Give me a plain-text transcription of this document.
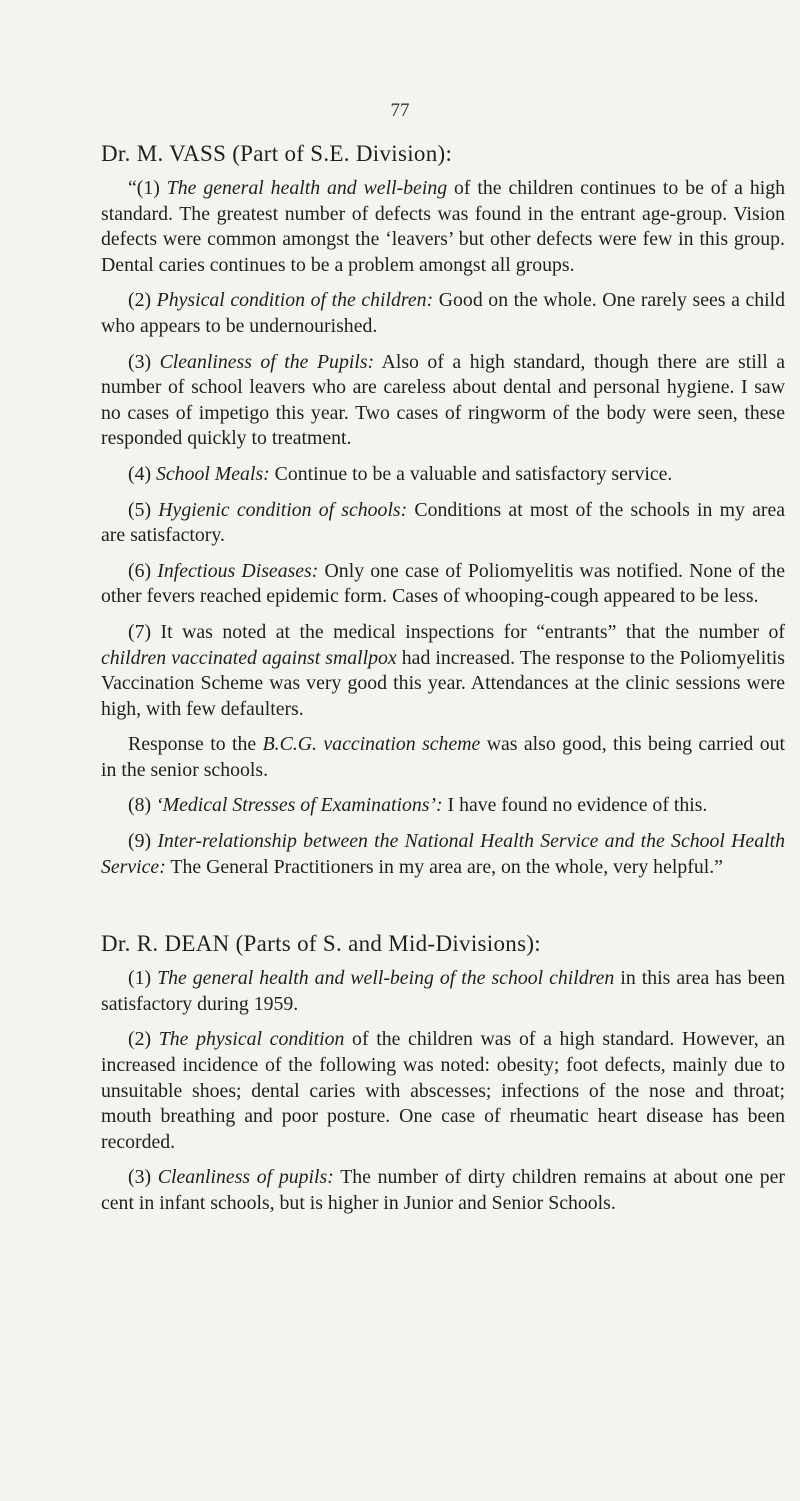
77
Dr. M. VASS (Part of S.E. Division):

“(1) The general health and well-being of the children continues to be of a high standard. The greatest number of defects was found in the entrant age-group. Vision defects were common amongst the ‘leavers’ but other defects were few in this group. Dental caries continues to be a problem amongst all groups.

(2) Physical condition of the children: Good on the whole. One rarely sees a child who appears to be undernourished.

(3) Cleanliness of the Pupils: Also of a high standard, though there are still a number of school leavers who are careless about dental and personal hygiene. I saw no cases of impetigo this year. Two cases of ringworm of the body were seen, these responded quickly to treatment.

(4) School Meals: Continue to be a valuable and satisfactory service.

(5) Hygienic condition of schools: Conditions at most of the schools in my area are satisfactory.

(6) Infectious Diseases: Only one case of Poliomyelitis was notified. None of the other fevers reached epidemic form. Cases of whooping-cough appeared to be less.

(7) It was noted at the medical inspections for “entrants” that the number of children vaccinated against smallpox had increased. The response to the Poliomyelitis Vaccination Scheme was very good this year. Attendances at the clinic sessions were high, with few defaulters.

Response to the B.C.G. vaccination scheme was also good, this being carried out in the senior schools.

(8) ‘Medical Stresses of Examinations’: I have found no evidence of this.

(9) Inter-relationship between the National Health Service and the School Health Service: The General Practitioners in my area are, on the whole, very helpful.”

Dr. R. DEAN (Parts of S. and Mid-Divisions):

(1) The general health and well-being of the school children in this area has been satisfactory during 1959.

(2) The physical condition of the children was of a high standard. However, an increased incidence of the following was noted: obesity; foot defects, mainly due to unsuitable shoes; dental caries with abscesses; infections of the nose and throat; mouth breathing and poor posture. One case of rheumatic heart disease has been recorded.

(3) Cleanliness of pupils: The number of dirty children remains at about one per cent in infant schools, but is higher in Junior and Senior Schools.
